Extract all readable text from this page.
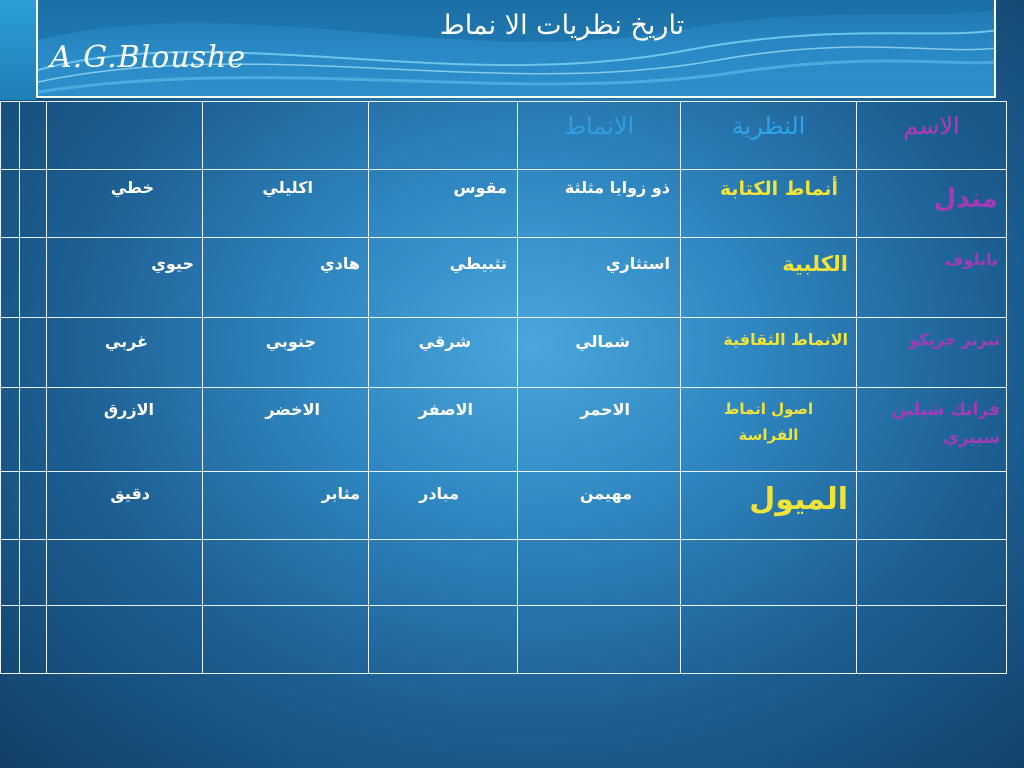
تاريخ نظريات الا نماط
A.G.Bloushe

					الانماط	النظرية	الاسم

		خطي	اكليلي	مقوس	ذو زوايا مثلثة	أنماط الكتابة	مندل

		حيوي	هادي	تثبيطي	استثاري	الكلبية	بابلوف

		غربي	جنوبي	شرقي	شمالي	الانماط الثقافية	تيرنر جريكو

		الازرق	الاخضر	الاصفر	الاحمر	اصول انماط الفراسة	فرانك شيلين سبيري

		دقيق	مثابر	مبادر	مهيمن	الميول	
